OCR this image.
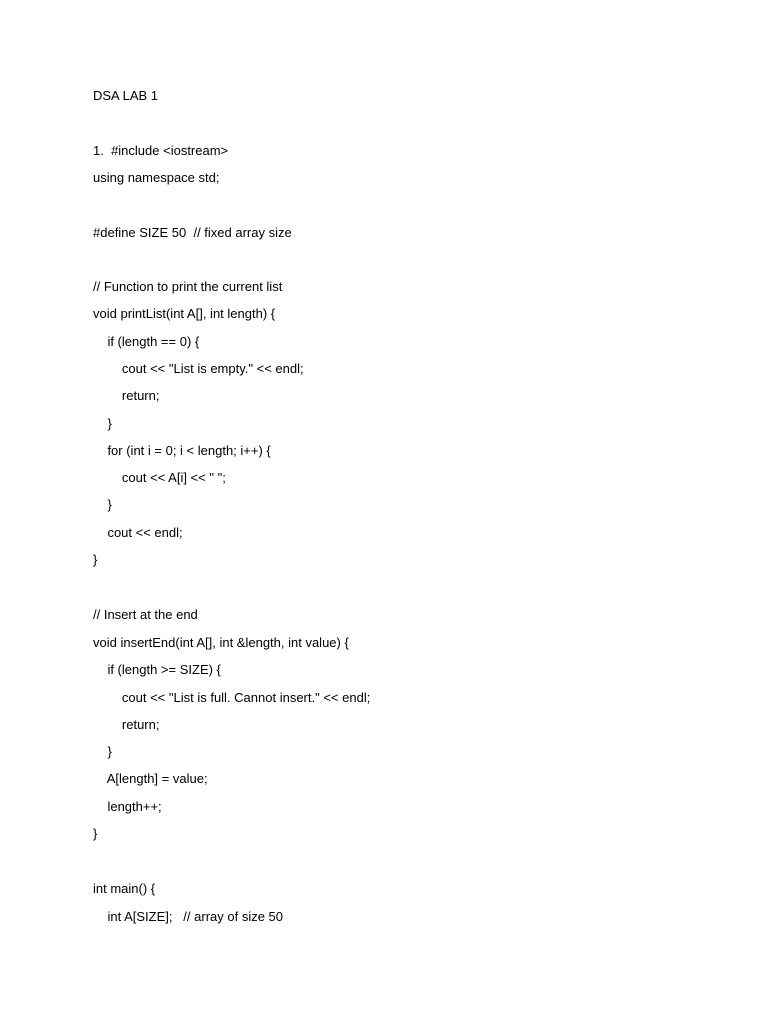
DSA LAB 1
1.  #include <iostream>
using namespace std;
#define SIZE 50  // fixed array size
// Function to print the current list
void printList(int A[], int length) {
if (length == 0) {
cout << "List is empty." << endl;
return;
}
for (int i = 0; i < length; i++) {
cout << A[i] << " ";
}
cout << endl;
}
// Insert at the end
void insertEnd(int A[], int &length, int value) {
if (length >= SIZE) {
cout << "List is full. Cannot insert." << endl;
return;
}
A[length] = value;
length++;
}
int main() {
int A[SIZE];   // array of size 50
